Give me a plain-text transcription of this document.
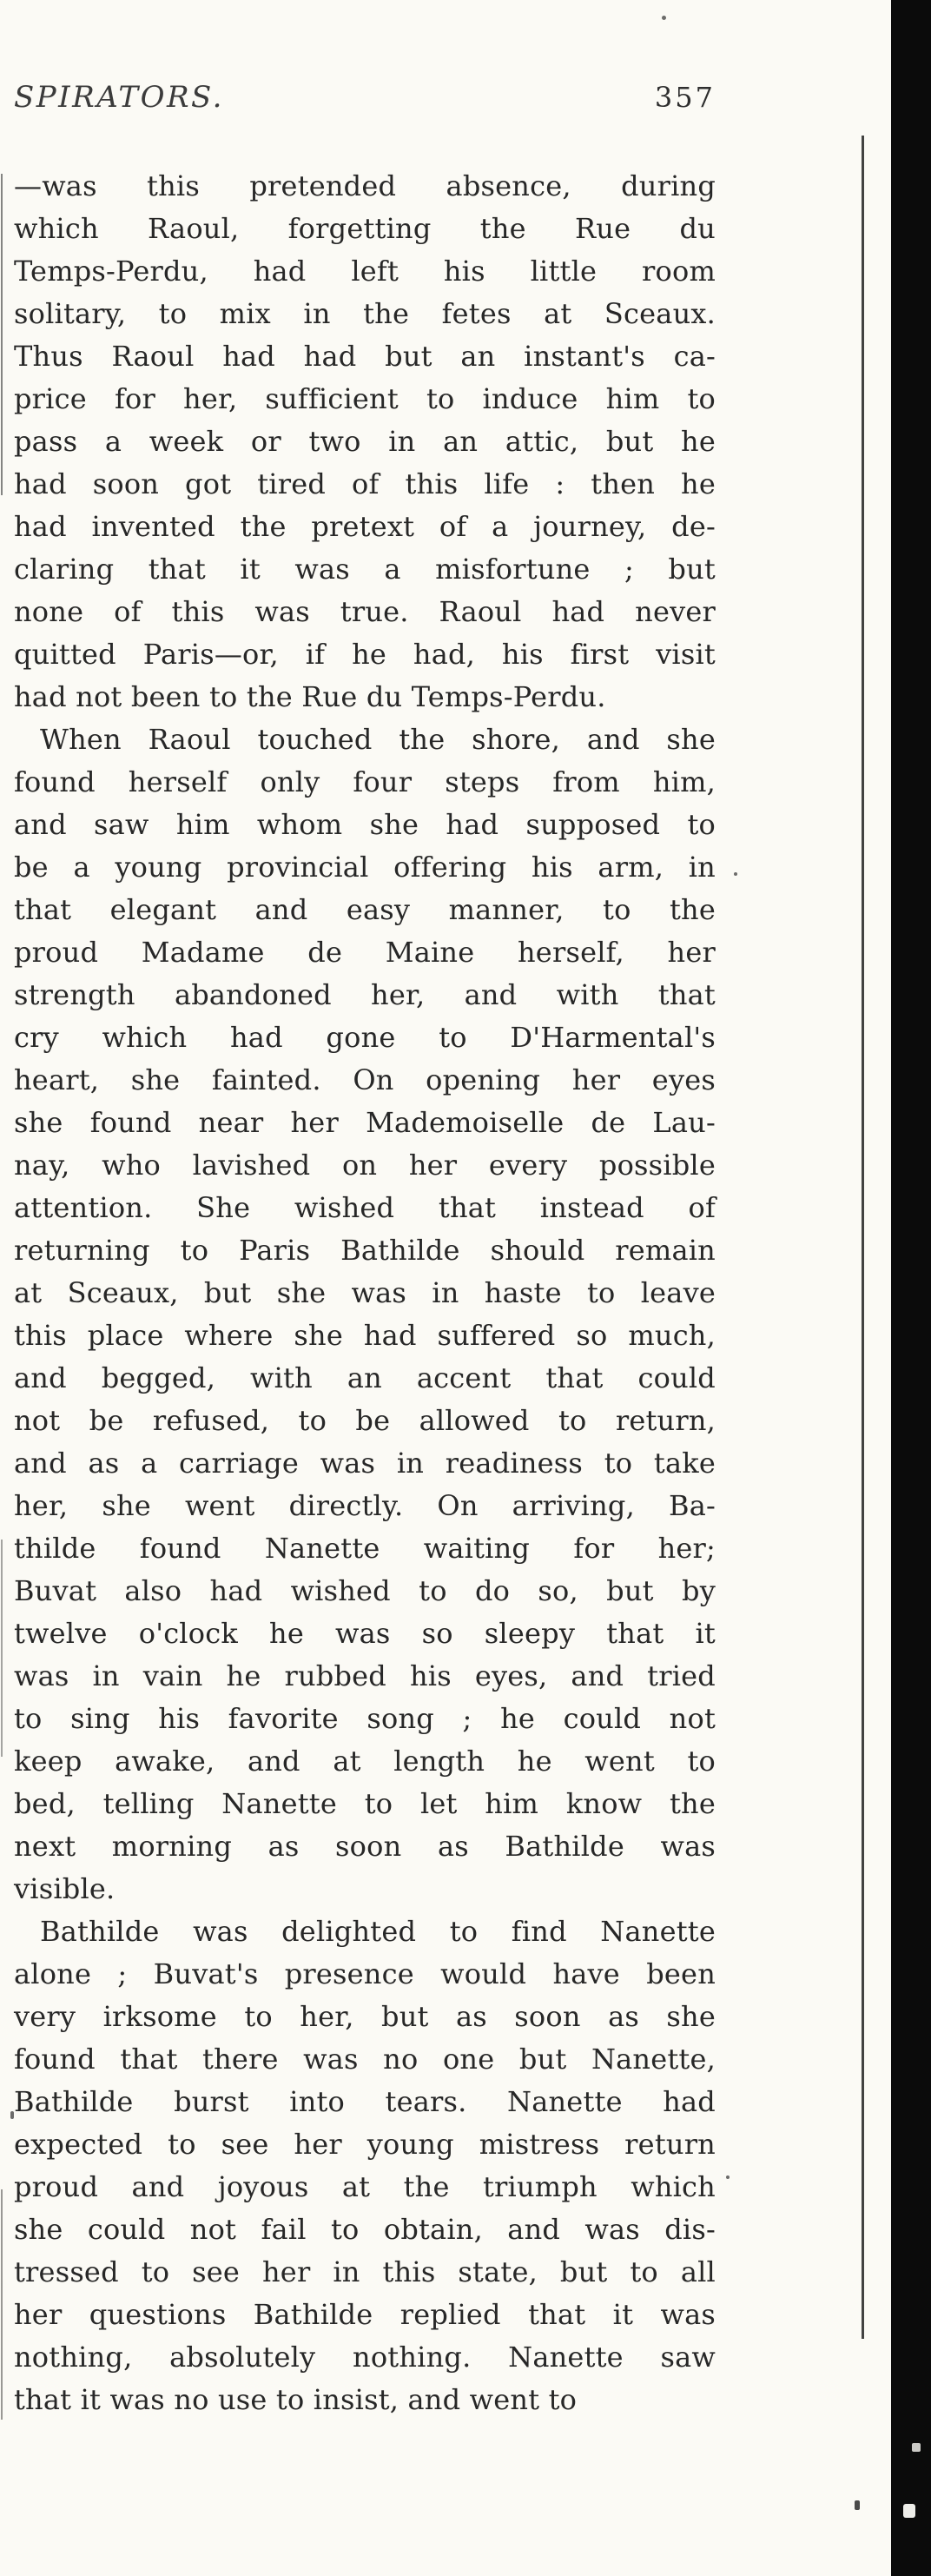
SPIRATORS.	357
—was this pretended absence, during
which Raoul, forgetting the Rue du
Temps-Perdu, had left his little room
solitary, to mix in the fetes at Sceaux.
Thus Raoul had had but an instant's ca-
price for her, sufficient to induce him to
pass a week or two in an attic, but he
had soon got tired of this life : then he
had invented the pretext of a journey, de-
claring that it was a misfortune ; but
none of this was true. Raoul had never
quitted Paris—or, if he had, his first visit
had not been to the Rue du Temps-Perdu.
When Raoul touched the shore, and she
found herself only four steps from him,
and saw him whom she had supposed to
be a young provincial offering his arm, in
that elegant and easy manner, to the
proud Madame de Maine herself, her
strength abandoned her, and with that
cry which had gone to D'Harmental's
heart, she fainted. On opening her eyes
she found near her Mademoiselle de Lau-
nay, who lavished on her every possible
attention. She wished that instead of
returning to Paris Bathilde should remain
at Sceaux, but she was in haste to leave
this place where she had suffered so much,
and begged, with an accent that could
not be refused, to be allowed to return,
and as a carriage was in readiness to take
her, she went directly. On arriving, Ba-
thilde found Nanette waiting for her;
Buvat also had wished to do so, but by
twelve o'clock he was so sleepy that it
was in vain he rubbed his eyes, and tried
to sing his favorite song ; he could not
keep awake, and at length he went to
bed, telling Nanette to let him know the
next morning as soon as Bathilde was
visible.
Bathilde was delighted to find Nanette
alone ; Buvat's presence would have been
very irksome to her, but as soon as she
found that there was no one but Nanette,
Bathilde burst into tears. Nanette had
expected to see her young mistress return
proud and joyous at the triumph which
she could not fail to obtain, and was dis-
tressed to see her in this state, but to all
her questions Bathilde replied that it was
nothing, absolutely nothing. Nanette saw
that it was no use to insist, and went to
